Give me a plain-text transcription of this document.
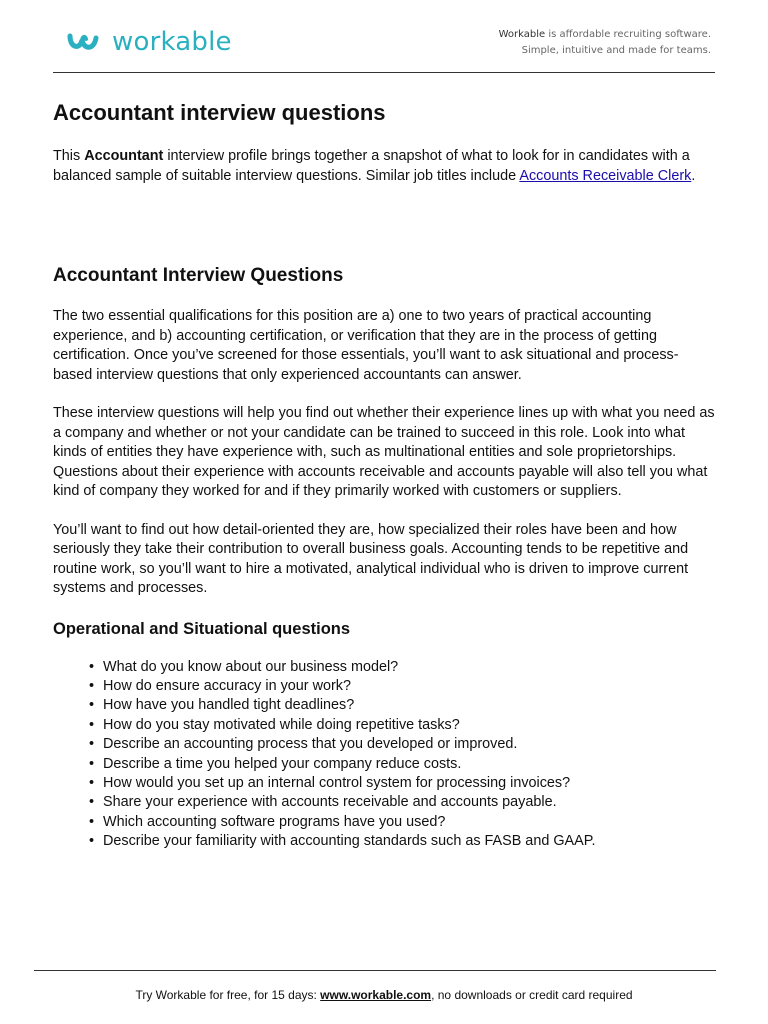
workable	Workable is affordable recruiting software.
Simple, intuitive and made for teams.
Accountant interview questions

This Accountant interview profile brings together a snapshot of what to look for in candidates with a balanced sample of suitable interview questions. Similar job titles include Accounts Receivable Clerk.

Accountant Interview Questions

The two essential qualifications for this position are a) one to two years of practical accounting experience, and b) accounting certification, or verification that they are in the process of getting certification. Once you’ve screened for those essentials, you’ll want to ask situational and process-based interview questions that only experienced accountants can answer.

These interview questions will help you find out whether their experience lines up with what you need as a company and whether or not your candidate can be trained to succeed in this role. Look into what kinds of entities they have experience with, such as multinational entities and sole proprietorships. Questions about their experience with accounts receivable and accounts payable will also tell you what kind of company they worked for and if they primarily worked with customers or suppliers.

You’ll want to find out how detail-oriented they are, how specialized their roles have been and how seriously they take their contribution to overall business goals. Accounting tends to be repetitive and routine work, so you’ll want to hire a motivated, analytical individual who is driven to improve current systems and processes.

Operational and Situational questions
• What do you know about our business model?
• How do ensure accuracy in your work?
• How have you handled tight deadlines?
• How do you stay motivated while doing repetitive tasks?
• Describe an accounting process that you developed or improved.
• Describe a time you helped your company reduce costs.
• How would you set up an internal control system for processing invoices?
• Share your experience with accounts receivable and accounts payable.
• Which accounting software programs have you used?
• Describe your familiarity with accounting standards such as FASB and GAAP.
Try Workable for free, for 15 days: www.workable.com, no downloads or credit card required
